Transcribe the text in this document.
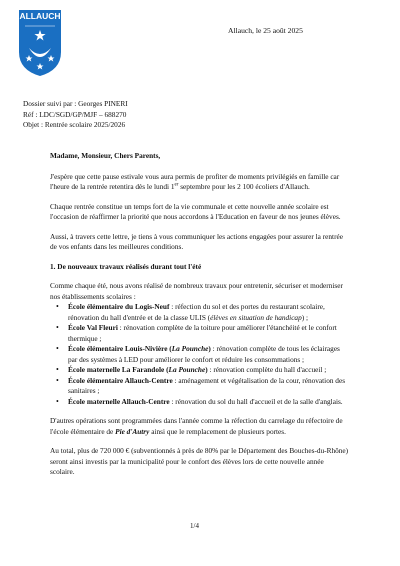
ALLAUCH
Allauch, le 25 août 2025
Dossier suivi par : Georges PINERI
Réf : LDC/SGD/GP/MJF – 688270
Objet : Rentrée scolaire 2025/2026

Madame, Monsieur, Chers Parents,

J'espère que cette pause estivale vous aura permis de profiter de moments privilégiés en famille car l'heure de la rentrée retentira dès le lundi 1er septembre pour les 2 100 écoliers d'Allauch.

Chaque rentrée constitue un temps fort de la vie communale et cette nouvelle année scolaire est l'occasion de réaffirmer la priorité que nous accordons à l'Education en faveur de nos jeunes élèves.

Aussi, à travers cette lettre, je tiens à vous communiquer les actions engagées pour assurer la rentrée de vos enfants dans les meilleures conditions.

1. De nouveaux travaux réalisés durant tout l'été

Comme chaque été, nous avons réalisé de nombreux travaux pour entretenir, sécuriser et moderniser nos établissements scolaires :

• École élémentaire du Logis-Neuf : réfection du sol et des portes du restaurant scolaire, rénovation du hall d'entrée et de la classe ULIS (élèves en situation de handicap) ;
• École Val Fleuri : rénovation complète de la toiture pour améliorer l'étanchéité et le confort thermique ;
• École élémentaire Louis-Nivière (La Pounche) : rénovation complète de tous les éclairages par des systèmes à LED pour améliorer le confort et réduire les consommations ;
• École maternelle La Farandole (La Pounche) : rénovation complète du hall d'accueil ;
• École élémentaire Allauch-Centre : aménagement et végétalisation de la cour, rénovation des sanitaires ;
• École maternelle Allauch-Centre : rénovation du sol du hall d'accueil et de la salle d'anglais.

D'autres opérations sont programmées dans l'année comme la réfection du carrelage du réfectoire de l'école élémentaire de Pie d'Autry ainsi que le remplacement de plusieurs portes.

Au total, plus de 720 000 € (subventionnés à près de 80% par le Département des Bouches-du-Rhône) seront ainsi investis par la municipalité pour le confort des élèves lors de cette nouvelle année scolaire.

1/4
